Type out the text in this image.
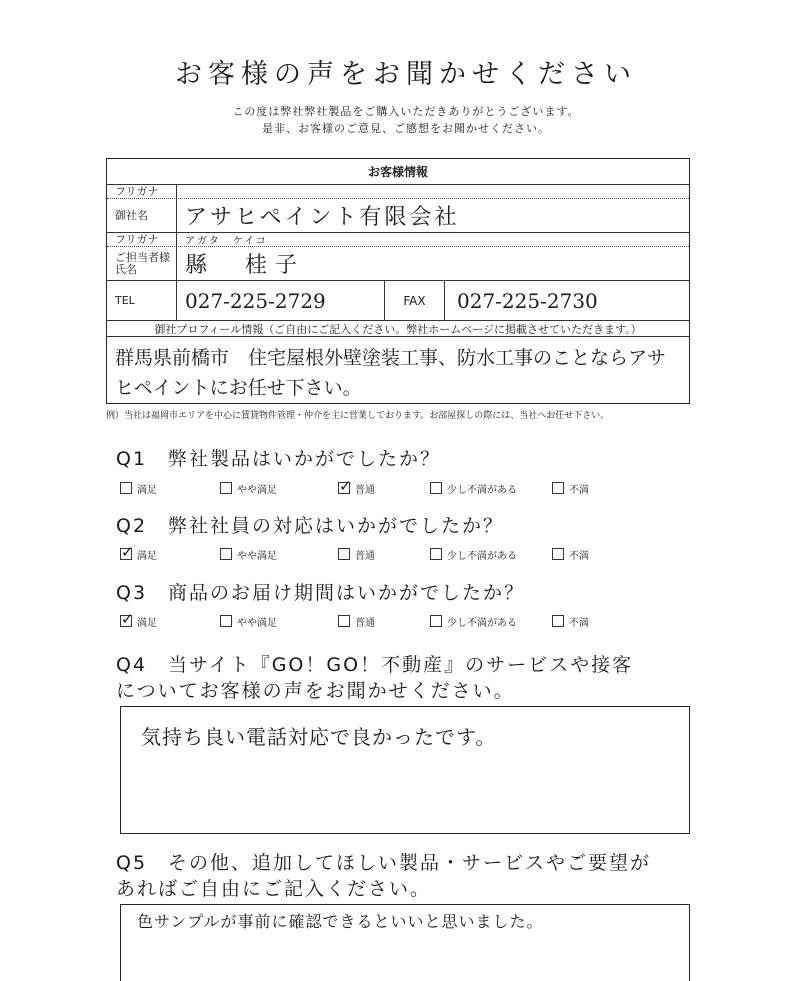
お客様の声をお聞かせください
この度は弊社弊社製品をご購入いただきありがとうございます。
是非、お客様のご意見、ご感想をお聞かせください。
お客様情報
フリガナ
御社名	アサヒペイント有限会社
フリガナ	アガタ　ケイコ
ご担当者様氏名	縣　桂子
TEL	027-225-2729	FAX	027-225-2730
御社プロフィール情報（ご自由にご記入ください。弊社ホームページに掲載させていただきます。）
群馬県前橋市　住宅屋根外壁塗装工事、防水工事のことならアサヒペイントにお任せ下さい。
例）当社は福岡市エリアを中心に賃貸物件管理・仲介を主に営業しております。お部屋探しの際には、当社へお任せ下さい。
Q1　弊社製品はいかがでしたか？
満足	やや満足	✓ 普通	少し不満がある	不満
Q2　弊社社員の対応はいかがでしたか？
✓ 満足	やや満足	普通	少し不満がある	不満
Q3　商品のお届け期間はいかがでしたか？
✓ 満足	やや満足	普通	少し不満がある	不満
Q4　当サイト『GO！GO！不動産』のサービスや接客
についてお客様の声をお聞かせください。
気持ち良い電話対応で良かったです。
Q5　その他、追加してほしい製品・サービスやご要望が
あればご自由にご記入ください。
色サンプルが事前に確認できるといいと思いました。
